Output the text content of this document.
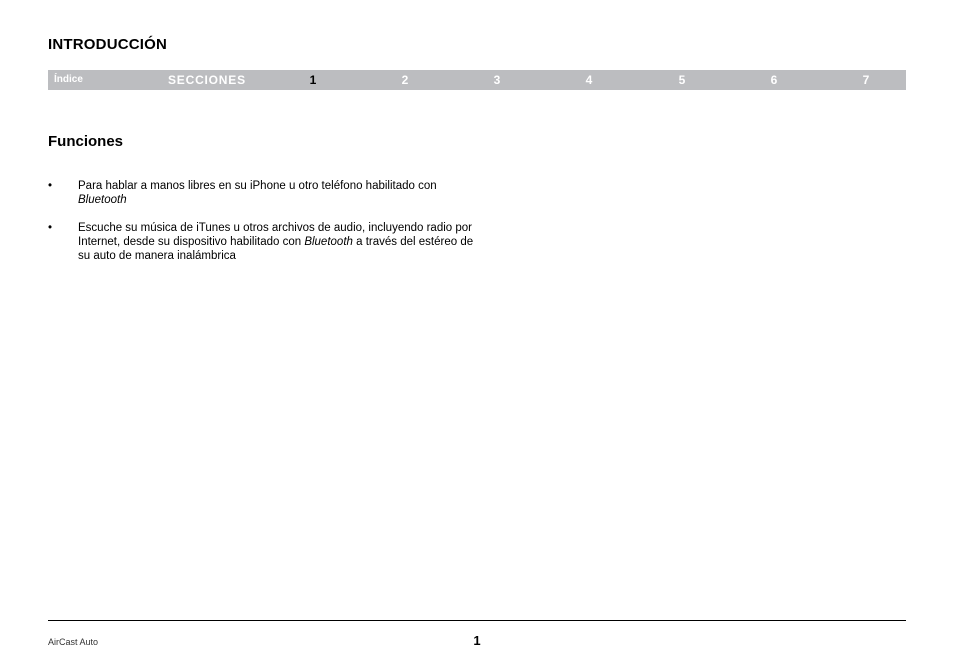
INTRODUCCIÓN
Índice	SECCIONES	1	2	3	4	5	6	7
Funciones
• Para hablar a manos libres en su iPhone u otro teléfono habilitado con Bluetooth
• Escuche su música de iTunes u otros archivos de audio, incluyendo radio por Internet, desde su dispositivo habilitado con Bluetooth a través del estéreo de su auto de manera inalámbrica
AirCast Auto	1
